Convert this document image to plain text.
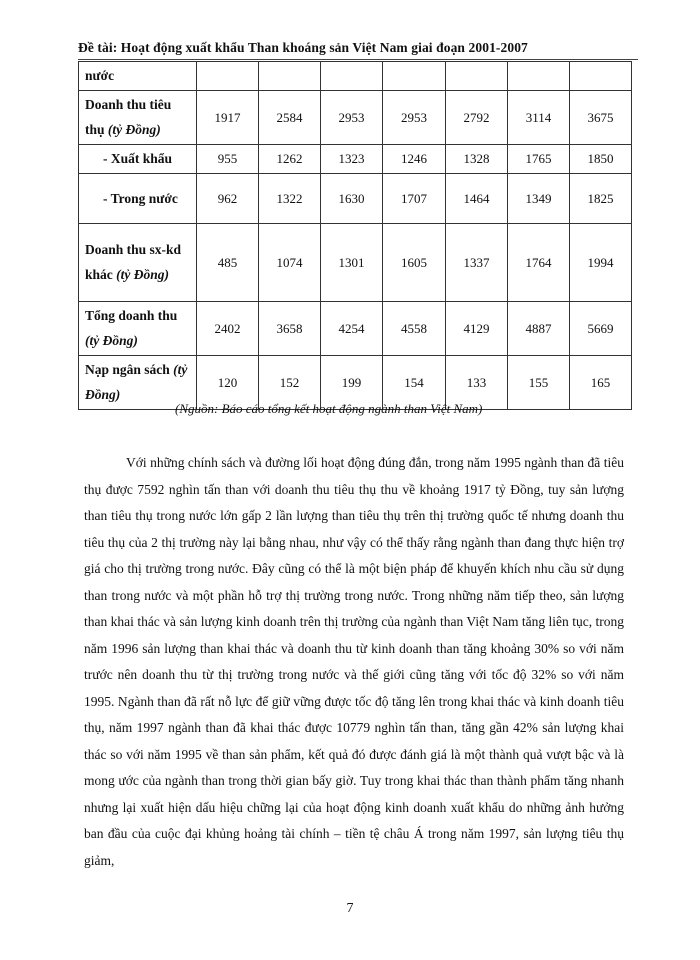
Đề tài: Hoạt động xuất khẩu Than khoáng sản Việt Nam giai đoạn 2001-2007
nước							
Doanh thu tiêu thụ (tỷ Đồng)	1917	2584	2953	2953	2792	3114	3675
- Xuất khẩu	955	1262	1323	1246	1328	1765	1850
- Trong nước	962	1322	1630	1707	1464	1349	1825
Doanh thu sx-kd khác (tỷ Đồng)	485	1074	1301	1605	1337	1764	1994
Tổng doanh thu (tỷ Đồng)	2402	3658	4254	4558	4129	4887	5669
Nạp ngân sách (tỷ Đồng)	120	152	199	154	133	155	165
(Nguồn: Báo cáo tổng kết hoạt động ngành than Việt Nam)

Với những chính sách và đường lối hoạt động đúng đắn, trong năm 1995 ngành than đã tiêu thụ được 7592 nghìn tấn than với doanh thu tiêu thụ thu về khoảng 1917 tỷ Đồng, tuy sản lượng than tiêu thụ trong nước lớn gấp 2 lần lượng than tiêu thụ trên thị trường quốc tế nhưng doanh thu tiêu thụ của 2 thị trường này lại bằng nhau, như vậy có thể thấy rằng ngành than đang thực hiện trợ giá cho thị trường trong nước. Đây cũng có thể là một biện pháp để khuyến khích nhu cầu sử dụng than trong nước và một phần hỗ trợ thị trường trong nước. Trong những năm tiếp theo, sản lượng than khai thác và sản lượng kinh doanh trên thị trường của ngành than Việt Nam tăng liên tục, trong năm 1996 sản lượng than khai thác và doanh thu từ kinh doanh than tăng khoảng 30% so với năm trước nên doanh thu từ thị trường trong nước và thế giới cũng tăng với tốc độ 32% so với năm 1995. Ngành than đã rất nỗ lực để giữ vững được tốc độ tăng lên trong khai thác và kinh doanh tiêu thụ, năm 1997 ngành than đã khai thác được 10779 nghìn tấn than, tăng gần 42% sản lượng khai thác so với năm 1995 về than sản phẩm, kết quả đó được đánh giá là một thành quả vượt bậc và là mong ước của ngành than trong thời gian bấy giờ. Tuy trong khai thác than thành phẩm tăng nhanh nhưng lại xuất hiện dấu hiệu chững lại của hoạt động kinh doanh xuất khẩu do những ảnh hưởng ban đầu của cuộc đại khủng hoảng tài chính – tiền tệ châu Á trong năm 1997, sản lượng tiêu thụ giảm,

7
